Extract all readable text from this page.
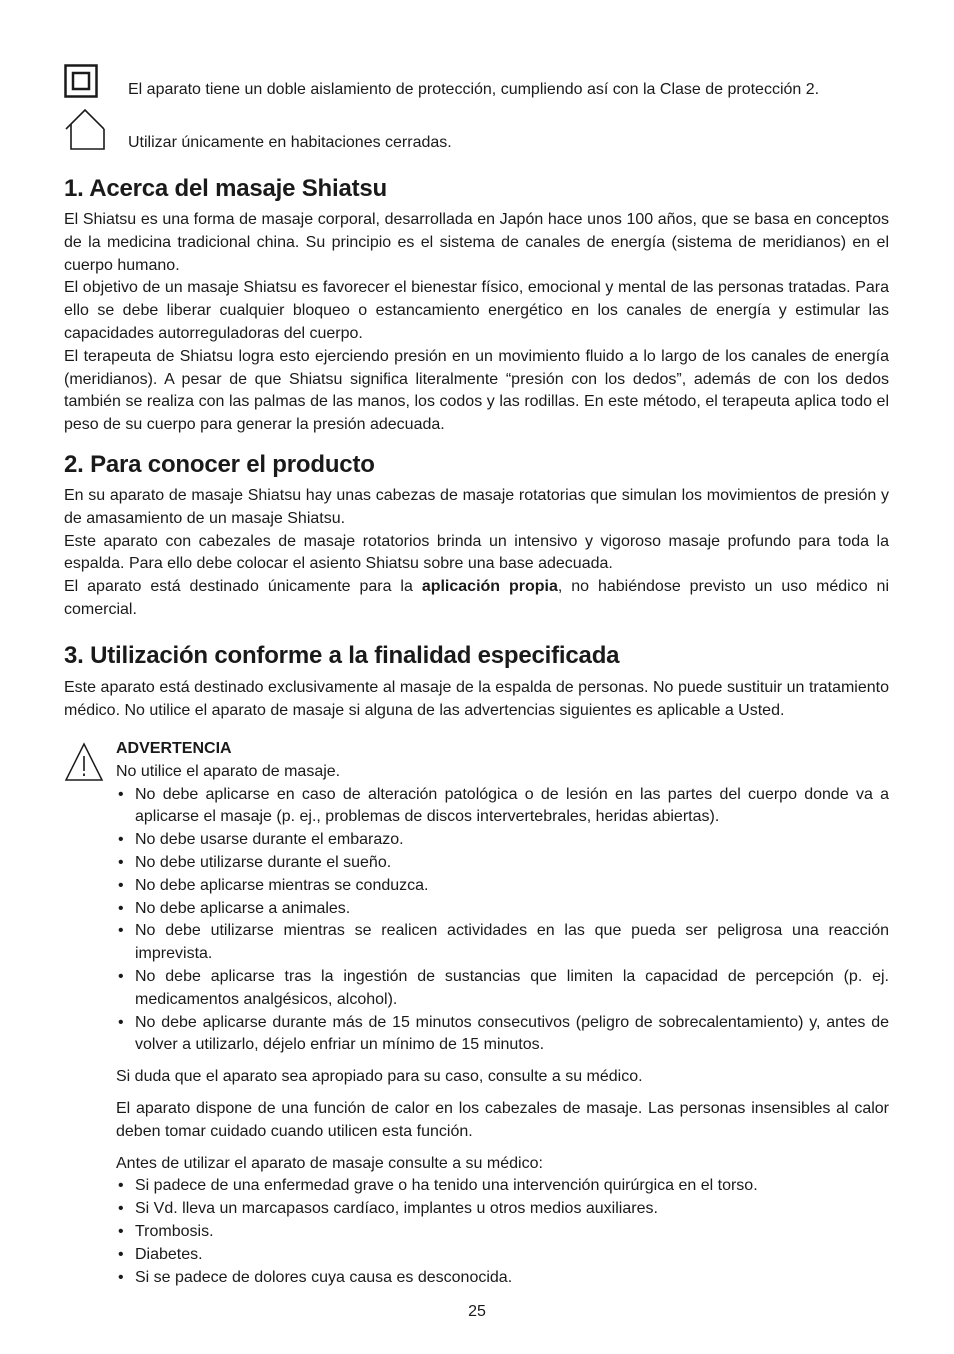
El aparato tiene un doble aislamiento de protección, cumpliendo así con la Clase de protección 2.
Utilizar únicamente en habitaciones cerradas.
1. Acerca del masaje Shiatsu

El Shiatsu es una forma de masaje corporal, desarrollada en Japón hace unos 100 años, que se basa en conceptos de la medicina tradicional china. Su principio es el sistema de canales de energía (sistema de meridianos) en el cuerpo humano.

El objetivo de un masaje Shiatsu es favorecer el bienestar físico, emocional y mental de las personas tratadas. Para ello se debe liberar cualquier bloqueo o estancamiento energético en los canales de energía y estimular las capacidades autorreguladoras del cuerpo.

El terapeuta de Shiatsu logra esto ejerciendo presión en un movimiento fluido a lo largo de los canales de energía (meridianos). A pesar de que Shiatsu significa literalmente “presión con los dedos”, además de con los dedos también se realiza con las palmas de las manos, los codos y las rodillas. En este método, el terapeuta aplica todo el peso de su cuerpo para generar la presión adecuada.

2. Para conocer el producto

En su aparato de masaje Shiatsu hay unas cabezas de masaje rotatorias que simulan los movimientos de presión y de amasamiento de un masaje Shiatsu.

Este aparato con cabezales de masaje rotatorios brinda un intensivo y vigoroso masaje profundo para toda la espalda. Para ello debe colocar el asiento Shiatsu sobre una base adecuada.

El aparato está destinado únicamente para la aplicación propia, no habiéndose previsto un uso médico ni comercial.

3. Utilización conforme a la finalidad especificada

Este aparato está destinado exclusivamente al masaje de la espalda de personas. No puede sustituir un tratamiento médico. No utilice el aparato de masaje si alguna de las advertencias siguientes es aplicable a Usted.

ADVERTENCIA

No utilice el aparato de masaje.

• No debe aplicarse en caso de alteración patológica o de lesión en las partes del cuerpo donde va a aplicarse el masaje (p. ej., problemas de discos intervertebrales, heridas abiertas).
• No debe usarse durante el embarazo.
• No debe utilizarse durante el sueño.
• No debe aplicarse mientras se conduzca.
• No debe aplicarse a animales.
• No debe utilizarse mientras se realicen actividades en las que pueda ser peligrosa una reacción imprevista.
• No debe aplicarse tras la ingestión de sustancias que limiten la capacidad de percepción (p. ej. medicamentos analgésicos, alcohol).
• No debe aplicarse durante más de 15 minutos consecutivos (peligro de sobrecalentamiento) y, antes de volver a utilizarlo, déjelo enfriar un mínimo de 15 minutos.

Si duda que el aparato sea apropiado para su caso, consulte a su médico.

El aparato dispone de una función de calor en los cabezales de masaje. Las personas insensibles al calor deben tomar cuidado cuando utilicen esta función.

Antes de utilizar el aparato de masaje consulte a su médico:

• Si padece de una enfermedad grave o ha tenido una intervención quirúrgica en el torso.
• Si Vd. lleva un marcapasos cardíaco, implantes u otros medios auxiliares.
• Trombosis.
• Diabetes.
• Si se padece de dolores cuya causa es desconocida.
25
